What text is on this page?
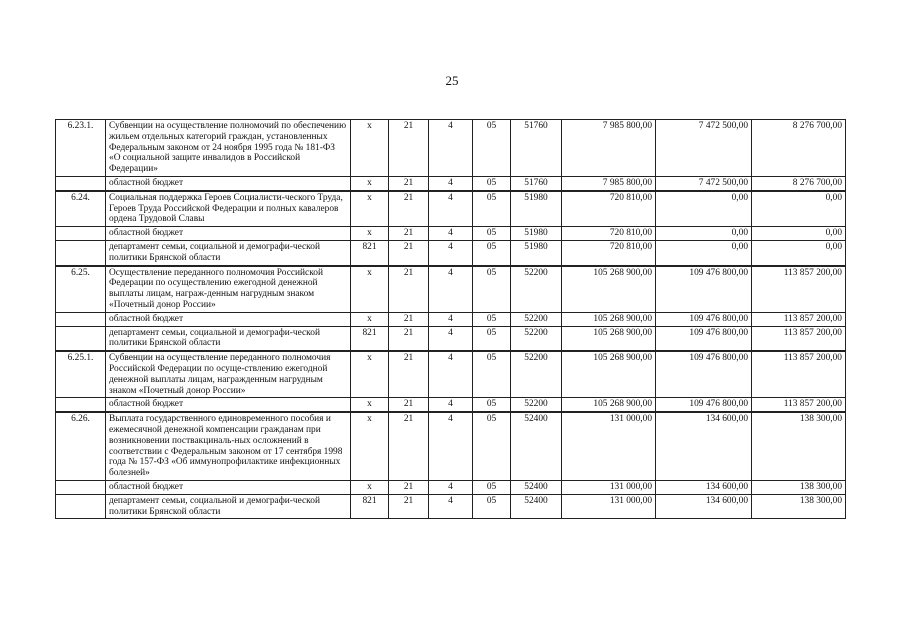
25
6.23.1.	Субвенции на осуществление полномочий по обеспечению жильем отдельных категорий граждан, установленных Федеральным законом от 24 ноября 1995 года № 181-ФЗ «О социальной защите инвалидов в Российской Федерации»	x	21	4	05	51760	7 985 800,00	7 472 500,00	8 276 700,00
	областной бюджет	x	21	4	05	51760	7 985 800,00	7 472 500,00	8 276 700,00
6.24.	Социальная поддержка Героев Социалисти-ческого Труда, Героев Труда Российской Федерации и полных кавалеров ордена Трудовой Славы	x	21	4	05	51980	720 810,00	0,00	0,00
	областной бюджет	x	21	4	05	51980	720 810,00	0,00	0,00
	департамент семьи, социальной и демографи-ческой политики Брянской области	821	21	4	05	51980	720 810,00	0,00	0,00
6.25.	Осуществление переданного полномочия Российской Федерации по осуществлению ежегодной денежной выплаты лицам, награж-денным нагрудным знаком «Почетный донор России»	x	21	4	05	52200	105 268 900,00	109 476 800,00	113 857 200,00
	областной бюджет	x	21	4	05	52200	105 268 900,00	109 476 800,00	113 857 200,00
	департамент семьи, социальной и демографи-ческой политики Брянской области	821	21	4	05	52200	105 268 900,00	109 476 800,00	113 857 200,00
6.25.1.	Субвенции на осуществление переданного полномочия Российской Федерации по осуще-ствлению ежегодной денежной выплаты лицам, награжденным нагрудным знаком «Почетный донор России»	x	21	4	05	52200	105 268 900,00	109 476 800,00	113 857 200,00
	областной бюджет	x	21	4	05	52200	105 268 900,00	109 476 800,00	113 857 200,00
6.26.	Выплата государственного единовременного пособия и ежемесячной денежной компенсации гражданам при возникновении поствакциналь-ных осложнений в соответствии с Федеральным законом от 17 сентября 1998 года № 157-ФЗ «Об иммунопрофилактике инфекционных болезней»	x	21	4	05	52400	131 000,00	134 600,00	138 300,00
	областной бюджет	x	21	4	05	52400	131 000,00	134 600,00	138 300,00
	департамент семьи, социальной и демографи-ческой политики Брянской области	821	21	4	05	52400	131 000,00	134 600,00	138 300,00
